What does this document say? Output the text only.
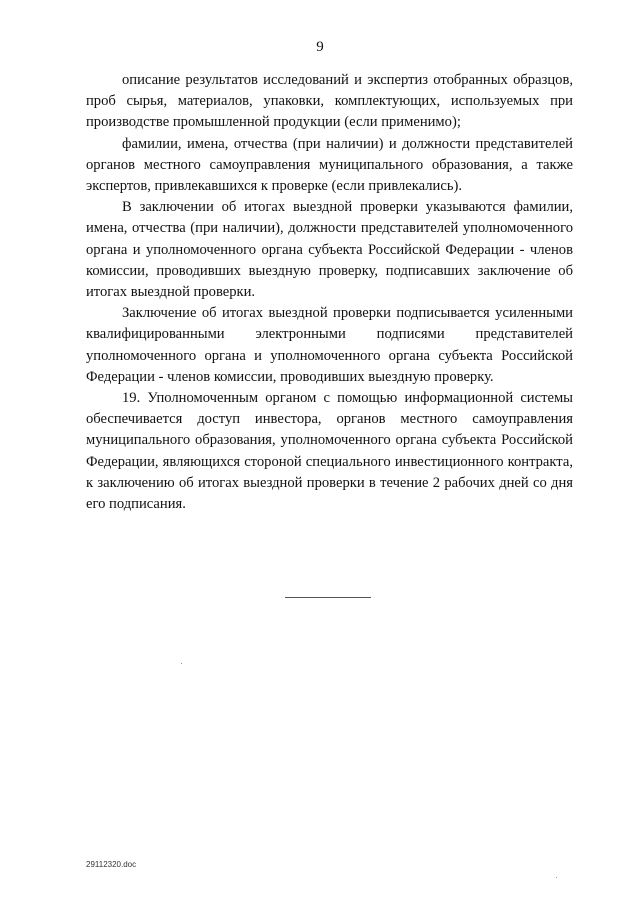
9

описание результатов исследований и экспертиз отобранных образцов, проб сырья, материалов, упаковки, комплектующих, используемых при производстве промышленной продукции (если применимо);

фамилии, имена, отчества (при наличии) и должности представителей органов местного самоуправления муниципального образования, а также экспертов, привлекавшихся к проверке (если привлекались).

В заключении об итогах выездной проверки указываются фамилии, имена, отчества (при наличии), должности представителей уполномоченного органа и уполномоченного органа субъекта Российской Федерации - членов комиссии, проводивших выездную проверку, подписавших заключение об итогах выездной проверки.

Заключение об итогах выездной проверки подписывается усиленными квалифицированными электронными подписями представителей уполномоченного органа и уполномоченного органа субъекта Российской Федерации - членов комиссии, проводивших выездную проверку.

19. Уполномоченным органом с помощью информационной системы обеспечивается доступ инвестора, органов местного самоуправления муниципального образования, уполномоченного органа субъекта Российской Федерации, являющихся стороной специального инвестиционного контракта, к заключению об итогах выездной проверки в течение 2 рабочих дней со дня его подписания.

29112320.doc
